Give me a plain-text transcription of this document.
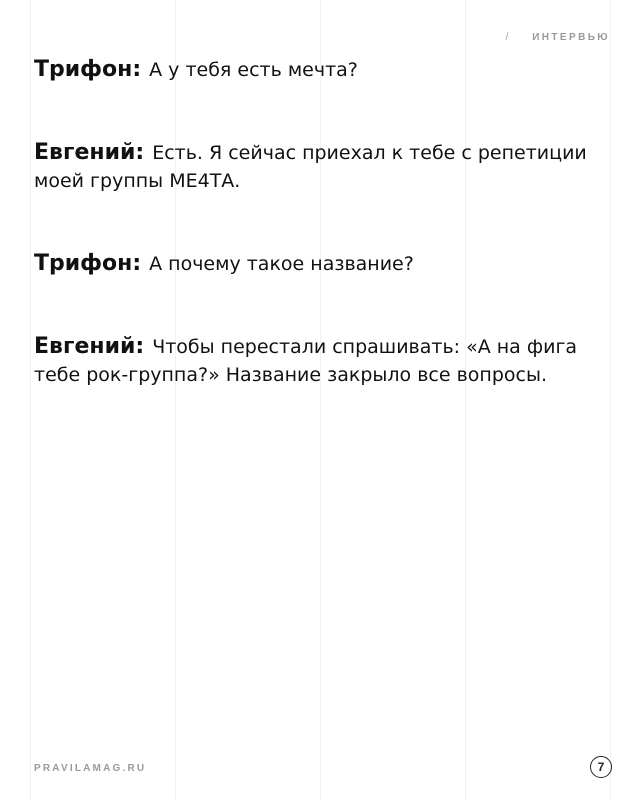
/ ИНТЕРВЬЮ

Трифон: А у тебя есть мечта?

Евгений: Есть. Я сейчас приехал к тебе с репетиции моей группы МЕ4ТА.

Трифон: А почему такое название?

Евгений: Чтобы перестали спрашивать: «А на фига тебе рок-группа?» Название закрыло все вопросы.

PRAVILAMAG.RU	7
